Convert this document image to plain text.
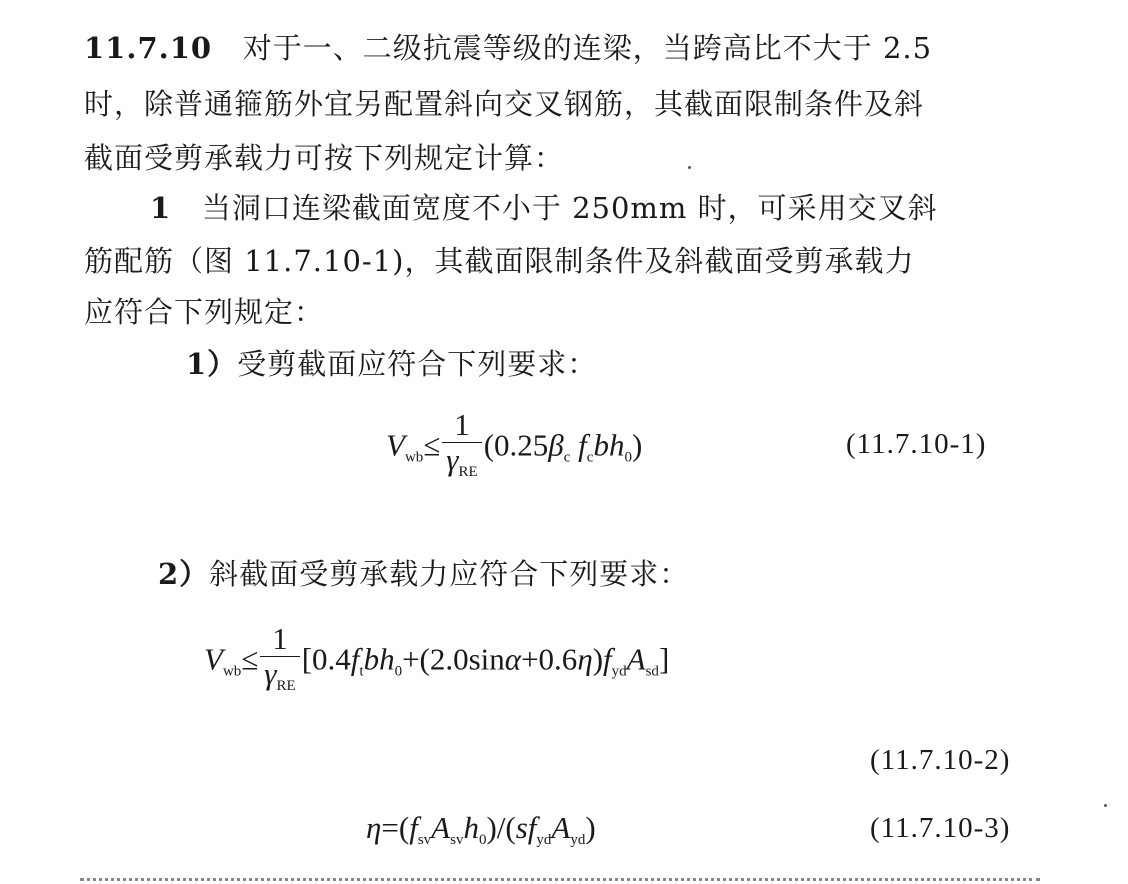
11.7.10 对于一、二级抗震等级的连梁，当跨高比不大于 2.5
时，除普通箍筋外宜另配置斜向交叉钢筋，其截面限制条件及斜
截面受剪承载力可按下列规定计算：
1 当洞口连梁截面宽度不小于 250mm 时，可采用交叉斜
筋配筋（图 11.7.10-1)，其截面限制条件及斜截面受剪承载力
应符合下列规定：
1）受剪截面应符合下列要求：
$V_{wb}\le \frac{1}{\gamma_{RE}} (0.25\beta_c$ $f_cbh_0$)	(11.7.10-1)
2）斜截面受剪承载力应符合下列要求：
$V_{wb}\le \frac{1}{\gamma_{RE}} [0.4f_tbh_0+(2.0\sin\alpha+0.6\eta)f_{yd}A_{sd}]$
(11.7.10-2)
$\eta=(f_{sv}A_{sv}h_0)/(sf_{yd}A_{yd})$	(11.7.10-3)
